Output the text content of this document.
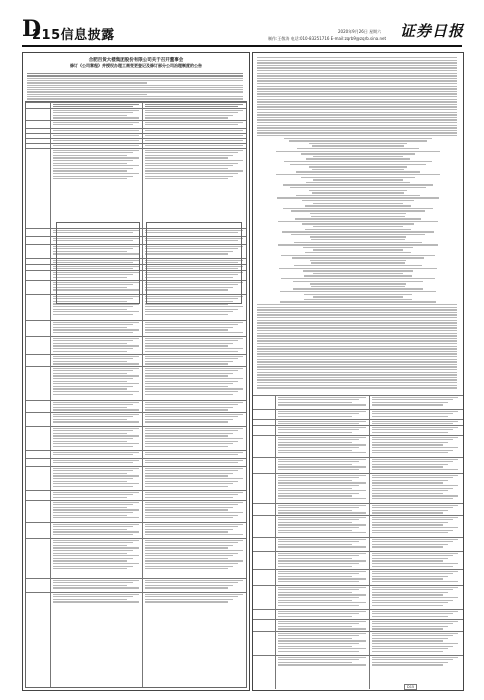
D
215信息披露	2020年9月26日 星期六
制作:王敬涛 电话:010-83251716 E-mail:zqrb9@zqrb.sina.net 证券日报
合肥百货大楼集团股份有限公司关于召开董事会
修订《公司章程》并授权办理工商变更登记及修订部分公司治理制度的公告
D15
